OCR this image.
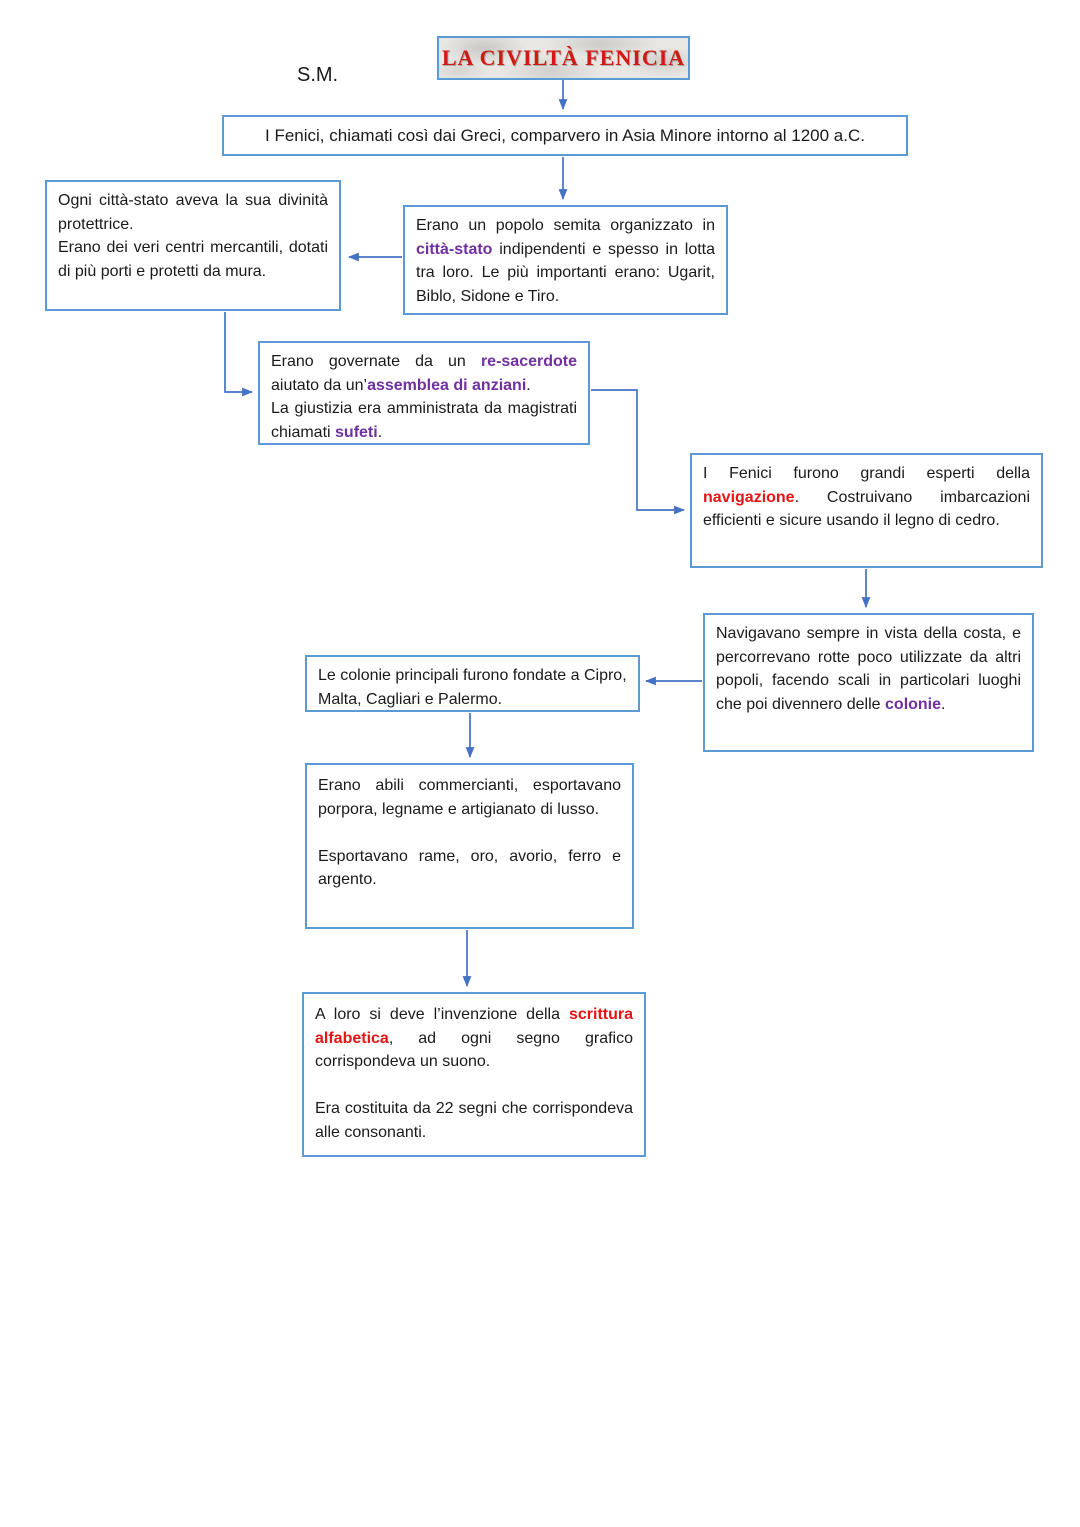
S.M.
LA CIVILTÀ FENICIA
I Fenici, chiamati così dai Greci, comparvero in Asia Minore intorno al 1200 a.C.
Ogni città-stato aveva la sua divinità protettrice.
Erano dei veri centri mercantili, dotati di più porti e protetti da mura.
Erano un popolo semita organizzato in città-stato indipendenti e spesso in lotta tra loro. Le più importanti erano: Ugarit, Biblo, Sidone e Tiro.
Erano governate da un re-sacerdote aiutato da un’assemblea di anziani.
La giustizia era amministrata da magistrati chiamati sufeti.
I Fenici furono grandi esperti della navigazione. Costruivano imbarcazioni efficienti e sicure usando il legno di cedro.
Navigavano sempre in vista della costa, e percorrevano rotte poco utilizzate da altri popoli, facendo scali in particolari luoghi che poi divennero delle colonie.
Le colonie principali furono fondate a Cipro, Malta, Cagliari e Palermo.
Erano abili commercianti, esportavano porpora, legname e artigianato di lusso.

Esportavano rame, oro, avorio, ferro e argento.
A loro si deve l’invenzione della scrittura alfabetica, ad ogni segno grafico corrispondeva un suono.

Era costituita da 22 segni che corrispondeva alle consonanti.
